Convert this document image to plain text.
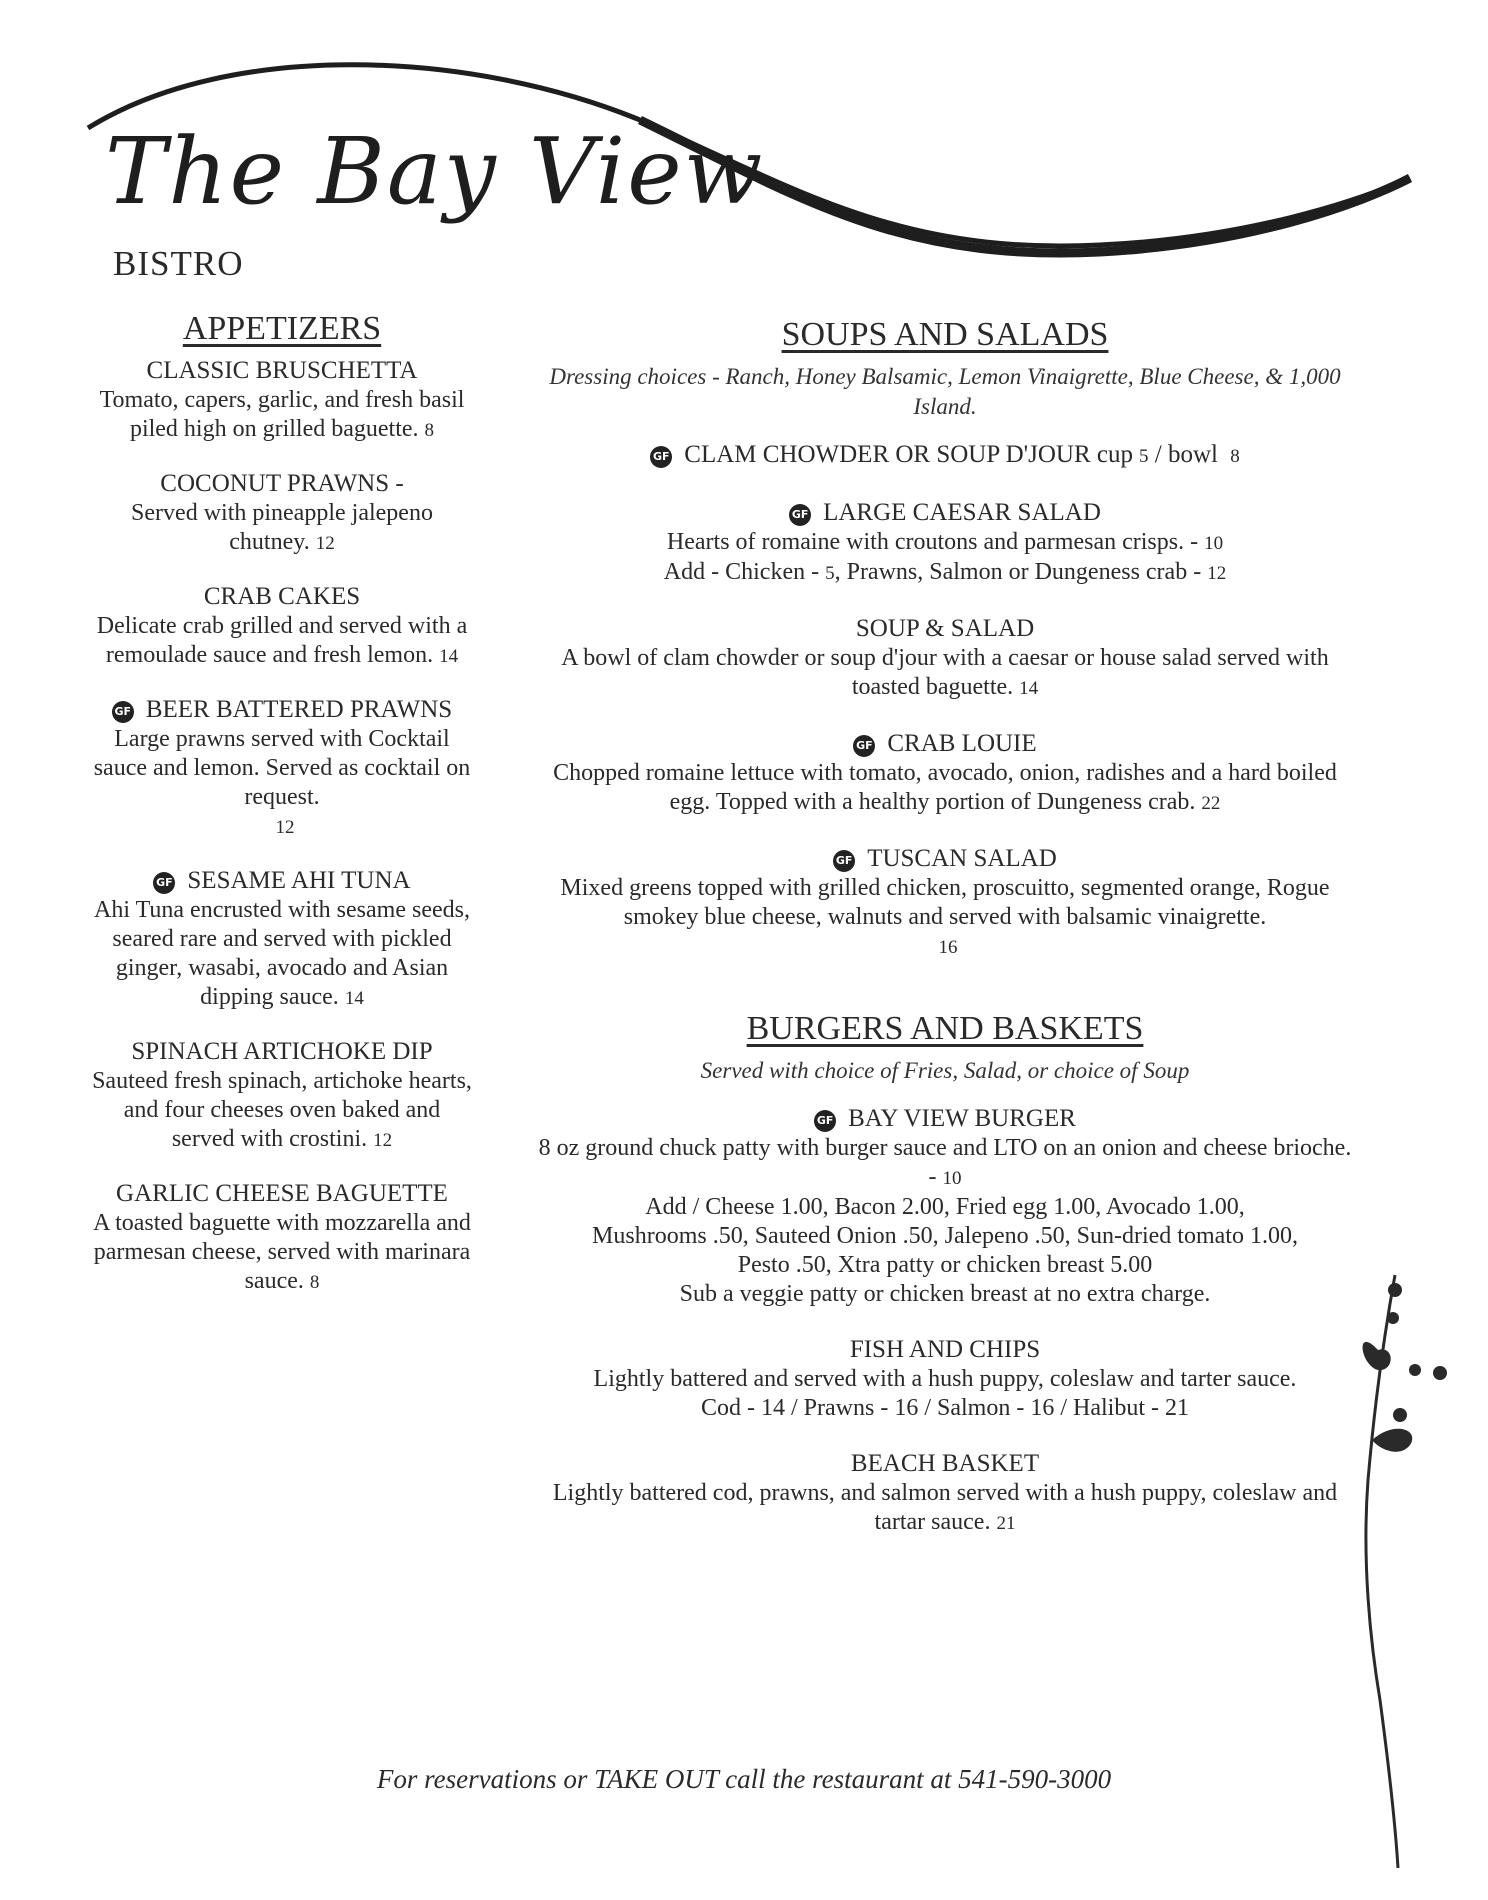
The Bay View
BISTRO
APPETIZERS
CLASSIC BRUSCHETTA
Tomato, capers, garlic, and fresh basil piled high on grilled baguette. 8
COCONUT PRAWNS -
Served with pineapple jalepeno chutney. 12
CRAB CAKES
Delicate crab grilled and served with a remoulade sauce and fresh lemon. 14
GF BEER BATTERED PRAWNS
Large prawns served with Cocktail sauce and lemon. Served as cocktail on request.
12
GF SESAME AHI TUNA
Ahi Tuna encrusted with sesame seeds, seared rare and served with pickled ginger, wasabi, avocado and Asian dipping sauce. 14
SPINACH ARTICHOKE DIP
Sauteed fresh spinach, artichoke hearts, and four cheeses oven baked and served with crostini. 12
GARLIC CHEESE BAGUETTE
A toasted baguette with mozzarella and parmesan cheese, served with marinara sauce. 8
SOUPS AND SALADS
Dressing choices - Ranch, Honey Balsamic, Lemon Vinaigrette, Blue Cheese, & 1,000 Island.
GF CLAM CHOWDER OR SOUP D'JOUR cup 5 / bowl 8
GF LARGE CAESAR SALAD
Hearts of romaine with croutons and parmesan crisps. - 10
Add - Chicken - 5, Prawns, Salmon or Dungeness crab - 12
SOUP & SALAD
A bowl of clam chowder or soup d'jour with a caesar or house salad served with toasted baguette. 14
GF CRAB LOUIE
Chopped romaine lettuce with tomato, avocado, onion, radishes and a hard boiled egg. Topped with a healthy portion of Dungeness crab. 22
GF TUSCAN SALAD
Mixed greens topped with grilled chicken, proscuitto, segmented orange, Rogue smokey blue cheese, walnuts and served with balsamic vinaigrette.
16
BURGERS AND BASKETS
Served with choice of Fries, Salad, or choice of Soup
GF BAY VIEW BURGER
8 oz ground chuck patty with burger sauce and LTO on an onion and cheese brioche. - 10
Add / Cheese 1.00, Bacon 2.00, Fried egg 1.00, Avocado 1.00,
Mushrooms .50, Sauteed Onion .50, Jalepeno .50, Sun-dried tomato 1.00,
Pesto .50, Xtra patty or chicken breast 5.00
Sub a veggie patty or chicken breast at no extra charge.
FISH AND CHIPS
Lightly battered and served with a hush puppy, coleslaw and tarter sauce.
Cod - 14 / Prawns - 16 / Salmon - 16 / Halibut - 21
BEACH BASKET
Lightly battered cod, prawns, and salmon served with a hush puppy, coleslaw and tartar sauce. 21
For reservations or TAKE OUT call the restaurant at 541-590-3000
